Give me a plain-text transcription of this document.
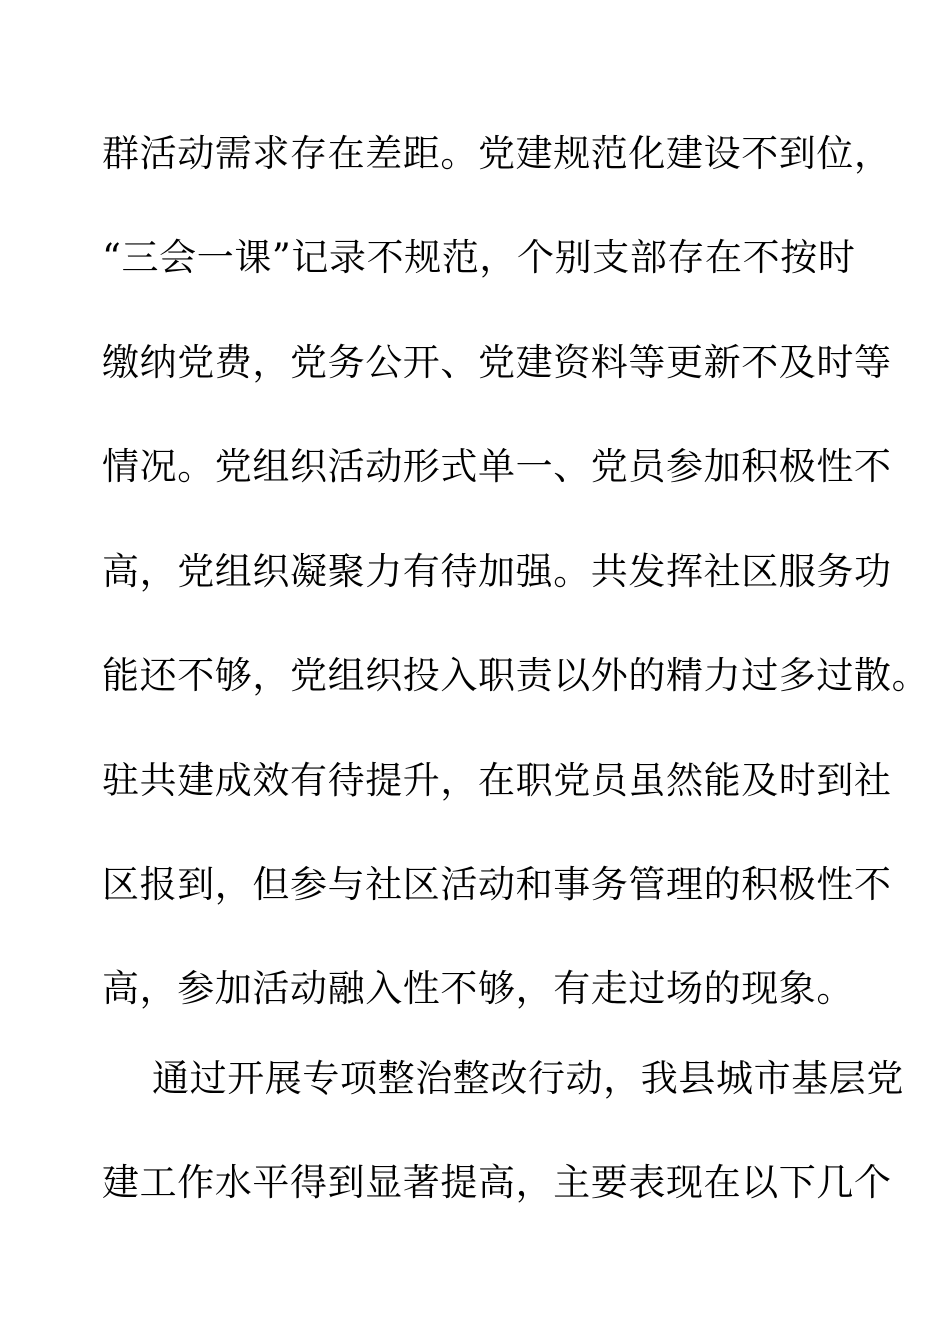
群活动需求存在差距。党建规范化建设不到位，
“三会一课”记录不规范，个别支部存在不按时
缴纳党费，党务公开、党建资料等更新不及时等
情况。党组织活动形式单一、党员参加积极性不
高，党组织凝聚力有待加强。共发挥社区服务功
能还不够，党组织投入职责以外的精力过多过散。
驻共建成效有待提升，在职党员虽然能及时到社
区报到，但参与社区活动和事务管理的积极性不
高，参加活动融入性不够，有走过场的现象。
通过开展专项整治整改行动，我县城市基层党
建工作水平得到显著提高，主要表现在以下几个
